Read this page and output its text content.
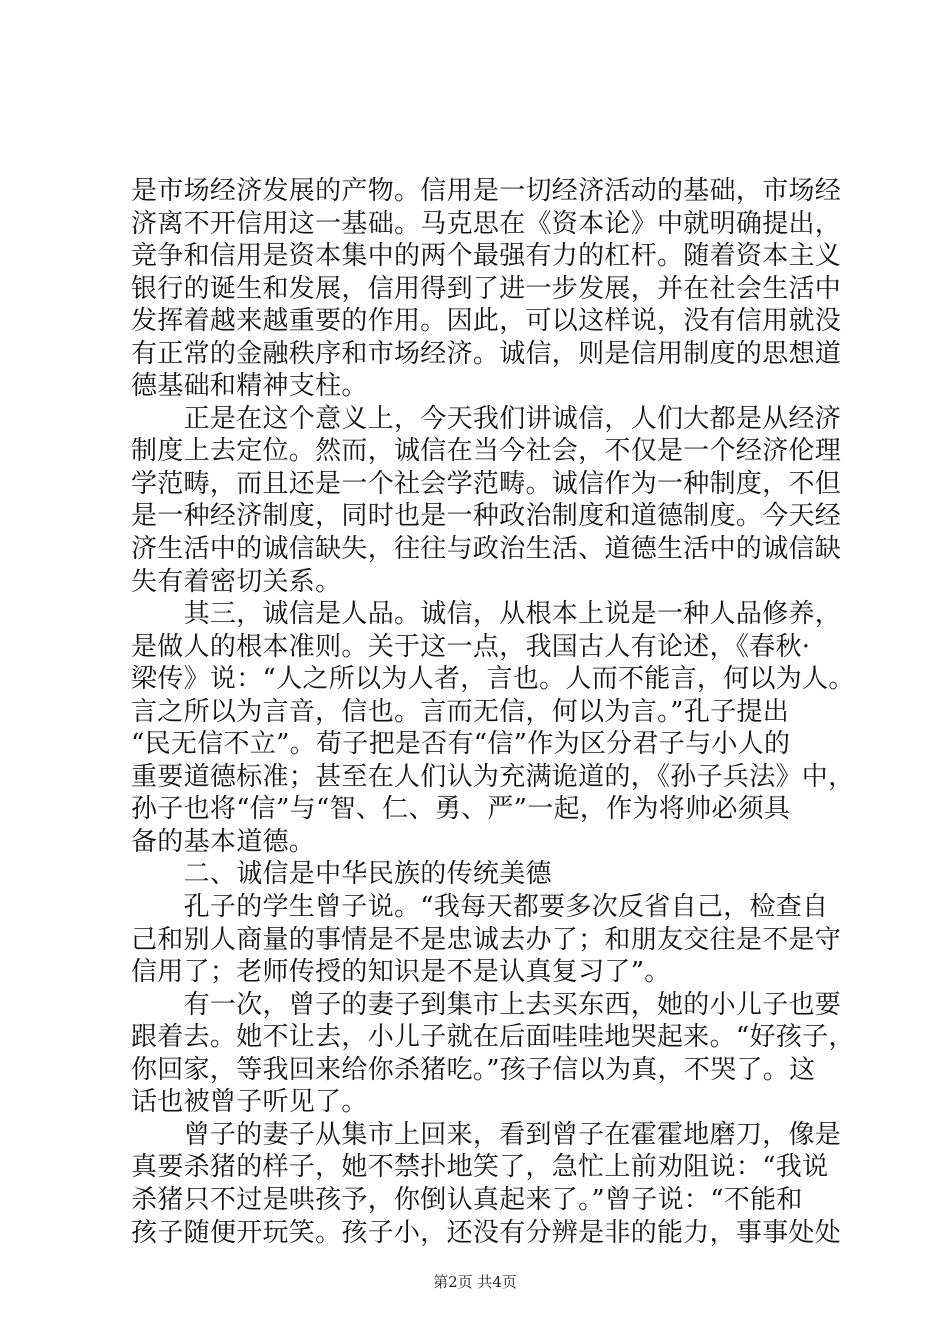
是市场经济发展的产物。信用是一切经济活动的基础，市场经
济离不开信用这一基础。马克思在《资本论》中就明确提出，
竞争和信用是资本集中的两个最强有力的杠杆。随着资本主义
银行的诞生和发展，信用得到了进一步发展，并在社会生活中
发挥着越来越重要的作用。因此，可以这样说，没有信用就没
有正常的金融秩序和市场经济。诚信，则是信用制度的思想道
德基础和精神支柱。
　　正是在这个意义上，今天我们讲诚信，人们大都是从经济
制度上去定位。然而，诚信在当今社会，不仅是一个经济伦理
学范畴，而且还是一个社会学范畴。诚信作为一种制度，不但
是一种经济制度，同时也是一种政治制度和道德制度。今天经
济生活中的诚信缺失，往往与政治生活、道德生活中的诚信缺
失有着密切关系。
　　其三，诚信是人品。诚信，从根本上说是一种人品修养，
是做人的根本准则。关于这一点，我国古人有论述，《春秋·
梁传》说：“人之所以为人者，言也。人而不能言，何以为人。
言之所以为言音，信也。言而无信，何以为言。”孔子提出
“民无信不立”。荀子把是否有“信”作为区分君子与小人的
重要道德标准；甚至在人们认为充满诡道的，《孙子兵法》中，
孙子也将“信”与“智、仁、勇、严”一起，作为将帅必须具
备的基本道德。
　　二、诚信是中华民族的传统美德
　　孔子的学生曾子说。“我每天都要多次反省自己，检查自
己和别人商量的事情是不是忠诚去办了；和朋友交往是不是守
信用了；老师传授的知识是不是认真复习了”。
　　有一次，曾子的妻子到集市上去买东西，她的小儿子也要
跟着去。她不让去，小儿子就在后面哇哇地哭起来。“好孩子，
你回家，等我回来给你杀猪吃。”孩子信以为真，不哭了。这
话也被曾子听见了。
　　曾子的妻子从集市上回来，看到曾子在霍霍地磨刀，像是
真要杀猪的样子，她不禁扑地笑了，急忙上前劝阻说：“我说
杀猪只不过是哄孩予，你倒认真起来了。”曾子说：“不能和
孩子随便开玩笑。孩子小，还没有分辨是非的能力，事事处处
第2页 共4页
